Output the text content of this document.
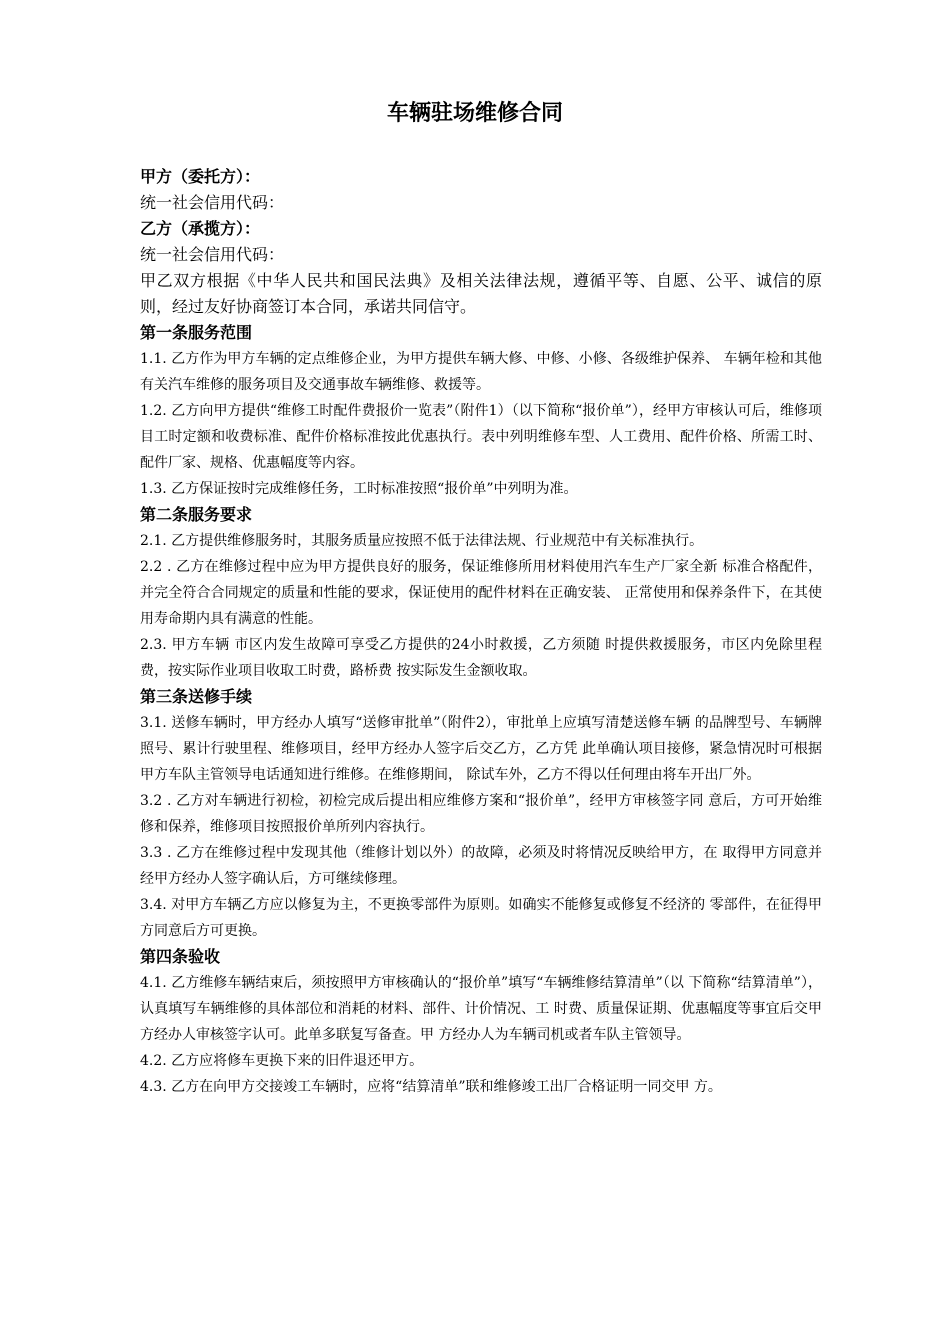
车辆驻场维修合同
甲方（委托方）：
统一社会信用代码：
乙方（承揽方）：
统一社会信用代码：
甲乙双方根据《中华人民共和国民法典》及相关法律法规，遵循平等、自愿、公平、诚信的原则，经过友好协商签订本合同，承诺共同信守。
第一条服务范围
1.1. 乙方作为甲方车辆的定点维修企业，为甲方提供车辆大修、中修、小修、各级维护保养、 车辆年检和其他有关汽车维修的服务项目及交通事故车辆维修、救援等。
1.2. 乙方向甲方提供“维修工时配件费报价一览表”（附件1）（以下简称“报价单”），经甲方审核认可后，维修项目工时定额和收费标准、配件价格标准按此优惠执行。表中列明维修车型、人工费用、配件价格、所需工时、配件厂家、规格、优惠幅度等内容。
1.3. 乙方保证按时完成维修任务，工时标准按照“报价单”中列明为准。
第二条服务要求
2.1. 乙方提供维修服务时，其服务质量应按照不低于法律法规、行业规范中有关标准执行。
2.2 . 乙方在维修过程中应为甲方提供良好的服务，保证维修所用材料使用汽车生产厂家全新 标准合格配件，并完全符合合同规定的质量和性能的要求，保证使用的配件材料在正确安装、 正常使用和保养条件下，在其使用寿命期内具有满意的性能。
2.3. 甲方车辆 市区内发生故障可享受乙方提供的24小时救援，乙方须随 时提供救援服务，市区内免除里程费，按实际作业项目收取工时费，路桥费 按实际发生金额收取。
第三条送修手续
3.1. 送修车辆时，甲方经办人填写“送修审批单”（附件2），审批单上应填写清楚送修车辆 的品牌型号、车辆牌照号、累计行驶里程、维修项目，经甲方经办人签字后交乙方，乙方凭 此单确认项目接修，紧急情况时可根据甲方车队主管领导电话通知进行维修。在维修期间， 除试车外，乙方不得以任何理由将车开出厂外。
3.2 . 乙方对车辆进行初检，初检完成后提出相应维修方案和“报价单”，经甲方审核签字同 意后，方可开始维修和保养，维修项目按照报价单所列内容执行。
3.3 . 乙方在维修过程中发现其他（维修计划以外）的故障，必须及时将情况反映给甲方，在 取得甲方同意并经甲方经办人签字确认后，方可继续修理。
3.4. 对甲方车辆乙方应以修复为主，不更换零部件为原则。如确实不能修复或修复不经济的 零部件，在征得甲方同意后方可更换。
第四条验收
4.1. 乙方维修车辆结束后，须按照甲方审核确认的“报价单”填写“车辆维修结算清单”（以 下简称“结算清单”），认真填写车辆维修的具体部位和消耗的材料、部件、计价情况、工 时费、质量保证期、优惠幅度等事宜后交甲方经办人审核签字认可。此单多联复写备查。甲 方经办人为车辆司机或者车队主管领导。
4.2. 乙方应将修车更换下来的旧件退还甲方。
4.3. 乙方在向甲方交接竣工车辆时，应将“结算清单”联和维修竣工出厂合格证明一同交甲 方。
